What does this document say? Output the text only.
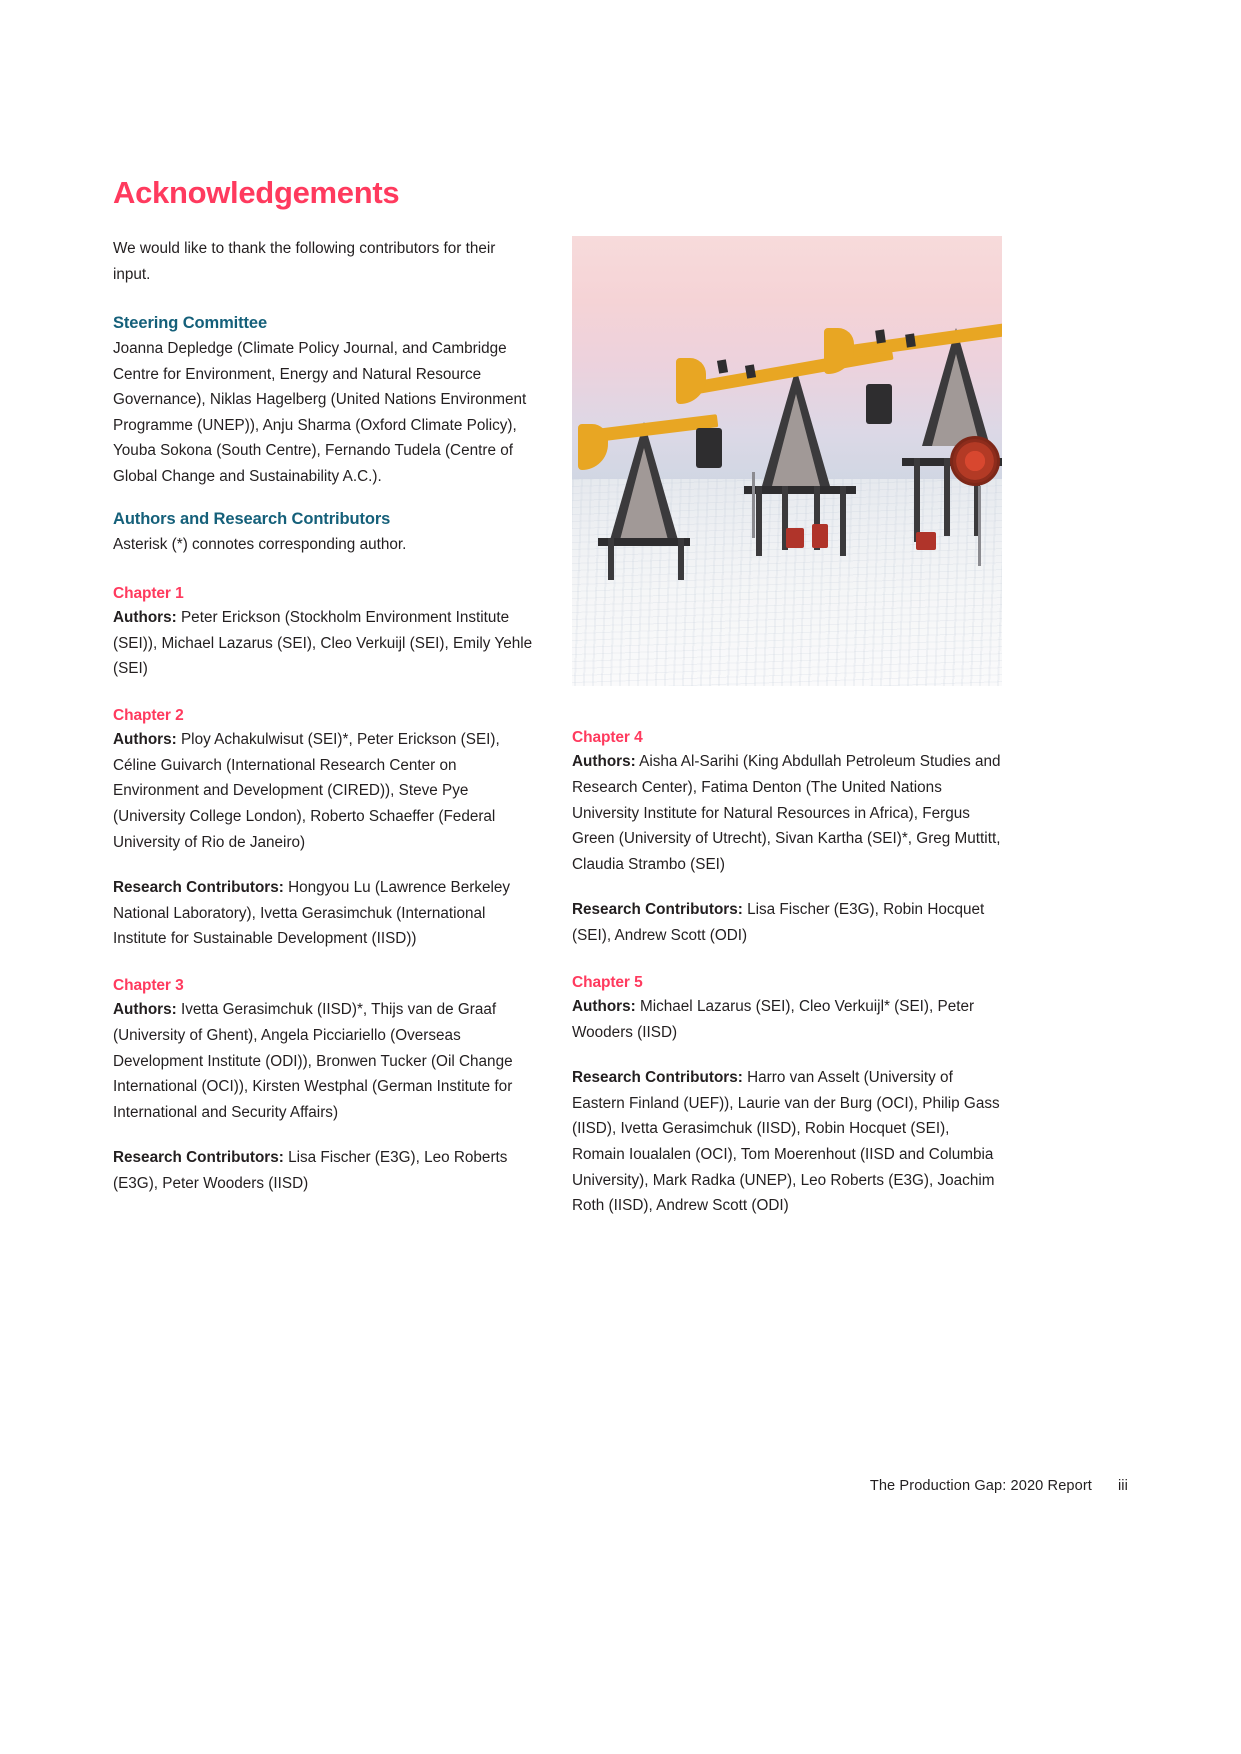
Acknowledgements

We would like to thank the following contributors for their input.

Steering Committee

Joanna Depledge (Climate Policy Journal, and Cambridge Centre for Environment, Energy and Natural Resource Governance), Niklas Hagelberg (United Nations Environment Programme (UNEP)), Anju Sharma (Oxford Climate Policy), Youba Sokona (South Centre), Fernando Tudela (Centre of Global Change and Sustainability A.C.).

Authors and Research Contributors

Asterisk (*) connotes corresponding author.

Chapter 1

Authors: Peter Erickson (Stockholm Environment Institute (SEI)), Michael Lazarus (SEI), Cleo Verkuijl (SEI), Emily Yehle (SEI)

Chapter 2

Authors: Ploy Achakulwisut (SEI)*, Peter Erickson (SEI), Céline Guivarch (International Research Center on Environment and Development (CIRED)), Steve Pye (University College London), Roberto Schaeffer (Federal University of Rio de Janeiro)

Research Contributors: Hongyou Lu (Lawrence Berkeley National Laboratory), Ivetta Gerasimchuk (International Institute for Sustainable Development (IISD))

Chapter 3

Authors: Ivetta Gerasimchuk (IISD)*, Thijs van de Graaf (University of Ghent), Angela Picciariello (Overseas Development Institute (ODI)), Bronwen Tucker (Oil Change International (OCI)), Kirsten Westphal (German Institute for International and Security Affairs)

Research Contributors: Lisa Fischer (E3G), Leo Roberts (E3G), Peter Wooders (IISD)

Chapter 4

Authors: Aisha Al-Sarihi (King Abdullah Petroleum Studies and Research Center), Fatima Denton (The United Nations University Institute for Natural Resources in Africa), Fergus Green (University of Utrecht), Sivan Kartha (SEI)*, Greg Muttitt, Claudia Strambo (SEI)

Research Contributors: Lisa Fischer (E3G), Robin Hocquet (SEI), Andrew Scott (ODI)

Chapter 5

Authors: Michael Lazarus (SEI), Cleo Verkuijl* (SEI), Peter Wooders (IISD)

Research Contributors: Harro van Asselt (University of Eastern Finland (UEF)), Laurie van der Burg (OCI), Philip Gass (IISD), Ivetta Gerasimchuk (IISD), Robin Hocquet (SEI), Romain Ioualalen (OCI), Tom Moerenhout (IISD and Columbia University), Mark Radka (UNEP), Leo Roberts (E3G), Joachim Roth (IISD), Andrew Scott (ODI)

The Production Gap: 2020 Report iii
